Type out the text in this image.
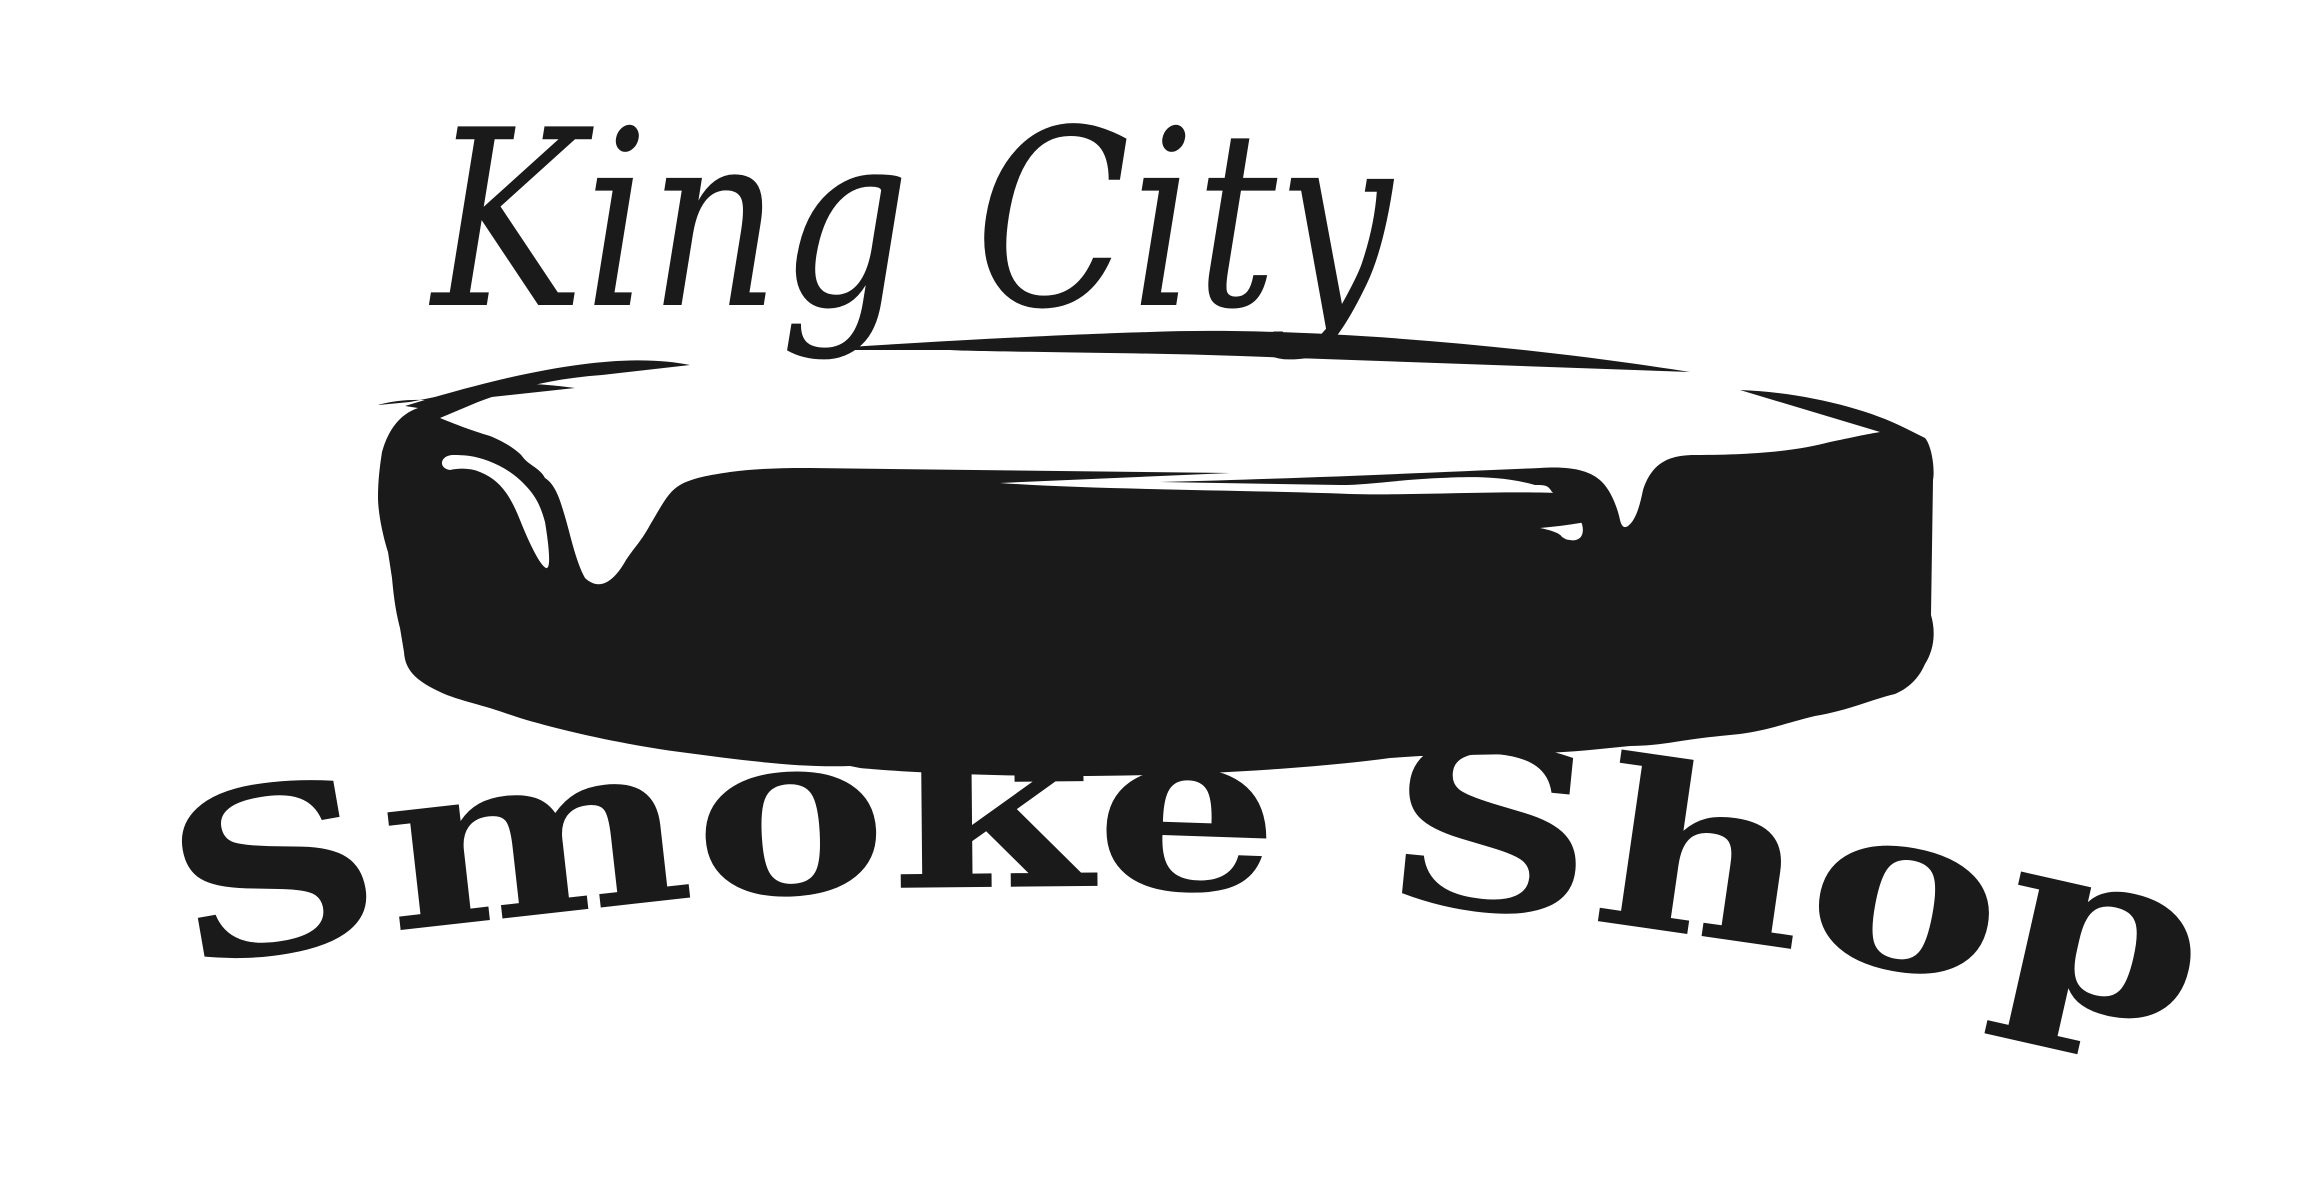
King City
Smoke Shop
